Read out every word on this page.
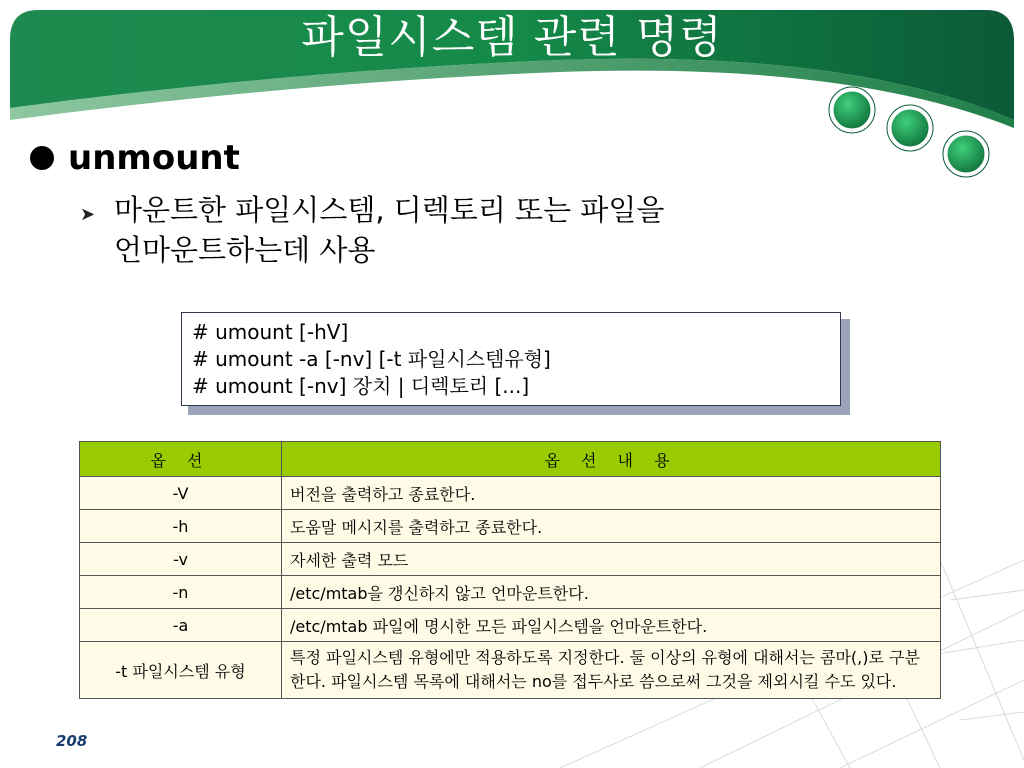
파일시스템 관련 명령
unmount
➤ 마운트한 파일시스템, 디렉토리 또는 파일을
언마운트하는데 사용
# umount [-hV]
# umount -a [-nv] [-t 파일시스템유형]
# umount [-nv] 장치 | 디렉토리 [...]
옵 션	옵 션 내 용
-V	버전을 출력하고 종료한다.
-h	도움말 메시지를 출력하고 종료한다.
-v	자세한 출력 모드
-n	/etc/mtab을 갱신하지 않고 언마운트한다.
-a	/etc/mtab 파일에 명시한 모든 파일시스템을 언마운트한다.
-t 파일시스템 유형	특정 파일시스템 유형에만 적용하도록 지정한다. 둘 이상의 유형에 대해서는 콤마(,)로 구분한다. 파일시스템 목록에 대해서는 no를 접두사로 씀으로써 그것을 제외시킬 수도 있다.
208
